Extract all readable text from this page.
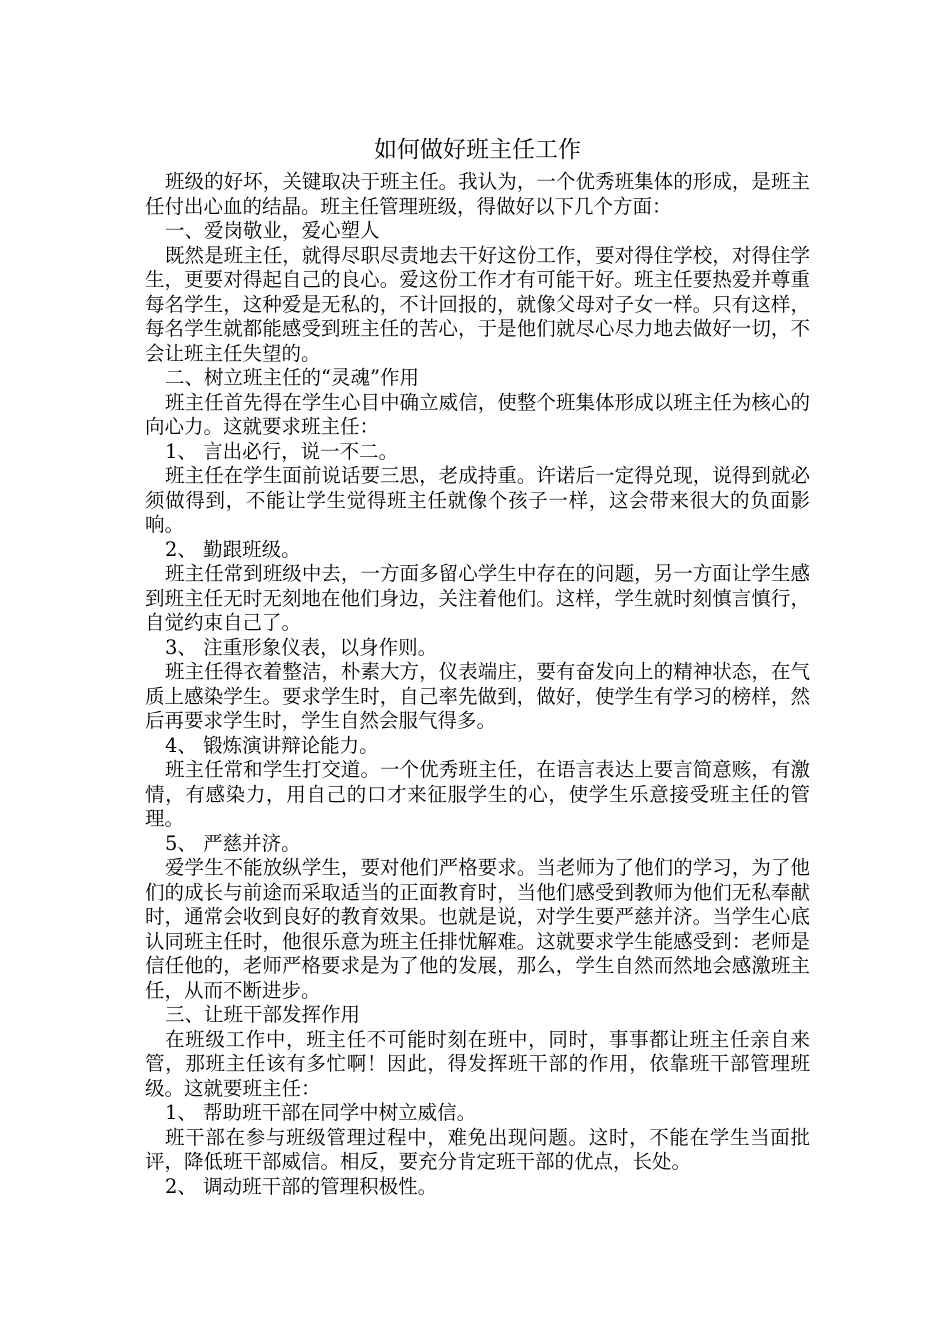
如何做好班主任工作

班级的好坏，关键取决于班主任。我认为，一个优秀班集体的形成，是班主任付出心血的结晶。班主任管理班级，得做好以下几个方面：

一、爱岗敬业，爱心塑人

既然是班主任，就得尽职尽责地去干好这份工作，要对得住学校，对得住学生，更要对得起自己的良心。爱这份工作才有可能干好。班主任要热爱并尊重每名学生，这种爱是无私的，不计回报的，就像父母对子女一样。只有这样，每名学生就都能感受到班主任的苦心，于是他们就尽心尽力地去做好一切，不会让班主任失望的。

二、树立班主任的“灵魂”作用

班主任首先得在学生心目中确立威信，使整个班集体形成以班主任为核心的向心力。这就要求班主任：

1、 言出必行，说一不二。

班主任在学生面前说话要三思，老成持重。许诺后一定得兑现，说得到就必须做得到，不能让学生觉得班主任就像个孩子一样，这会带来很大的负面影响。

2、 勤跟班级。

班主任常到班级中去，一方面多留心学生中存在的问题，另一方面让学生感到班主任无时无刻地在他们身边，关注着他们。这样，学生就时刻慎言慎行，自觉约束自己了。

3、 注重形象仪表，以身作则。

班主任得衣着整洁，朴素大方，仪表端庄，要有奋发向上的精神状态，在气质上感染学生。要求学生时，自己率先做到，做好，使学生有学习的榜样，然后再要求学生时，学生自然会服气得多。

4、 锻炼演讲辩论能力。

班主任常和学生打交道。一个优秀班主任，在语言表达上要言简意赅，有激情，有感染力，用自己的口才来征服学生的心，使学生乐意接受班主任的管理。

5、 严慈并济。

爱学生不能放纵学生，要对他们严格要求。当老师为了他们的学习，为了他们的成长与前途而采取适当的正面教育时，当他们感受到教师为他们无私奉献时，通常会收到良好的教育效果。也就是说，对学生要严慈并济。当学生心底认同班主任时，他很乐意为班主任排忧解难。这就要求学生能感受到：老师是信任他的，老师严格要求是为了他的发展，那么，学生自然而然地会感激班主任，从而不断进步。

三、让班干部发挥作用

在班级工作中，班主任不可能时刻在班中，同时，事事都让班主任亲自来管，那班主任该有多忙啊！因此，得发挥班干部的作用，依靠班干部管理班级。这就要班主任：

1、 帮助班干部在同学中树立威信。

班干部在参与班级管理过程中，难免出现问题。这时，不能在学生当面批评，降低班干部威信。相反，要充分肯定班干部的优点，长处。

2、 调动班干部的管理积极性。
